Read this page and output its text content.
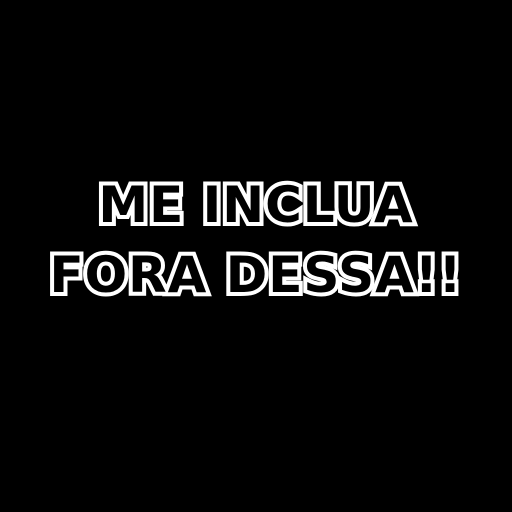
ME INCLUA
FORA DESSA!!
